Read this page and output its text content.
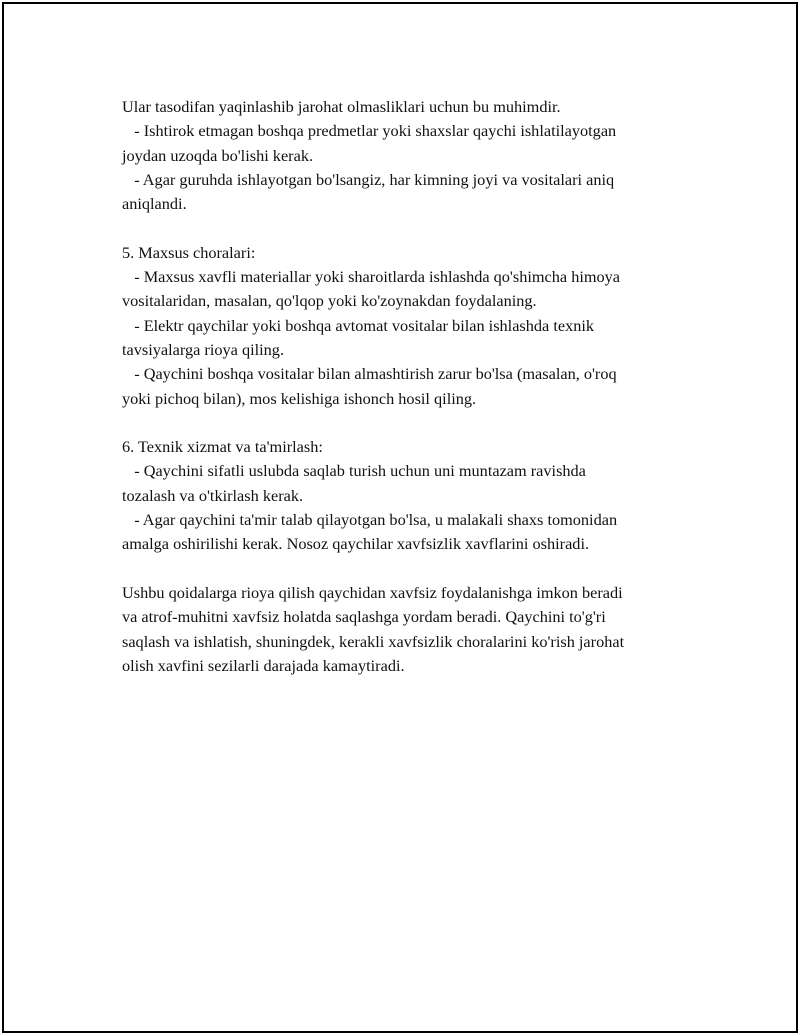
Ular tasodifan yaqinlashib jarohat olmasliklari uchun bu muhimdir.
- Ishtirok etmagan boshqa predmetlar yoki shaxslar qaychi ishlatilayotgan
joydan uzoqda bo'lishi kerak.
- Agar guruhda ishlayotgan bo'lsangiz, har kimning joyi va vositalari aniq
aniqlandi.
5. Maxsus choralari:
- Maxsus xavfli materiallar yoki sharoitlarda ishlashda qo'shimcha himoya
vositalaridan, masalan, qo'lqop yoki ko'zoynakdan foydalaning.
- Elektr qaychilar yoki boshqa avtomat vositalar bilan ishlashda texnik
tavsiyalarga rioya qiling.
- Qaychini boshqa vositalar bilan almashtirish zarur bo'lsa (masalan, o'roq
yoki pichoq bilan), mos kelishiga ishonch hosil qiling.
6. Texnik xizmat va ta'mirlash:
- Qaychini sifatli uslubda saqlab turish uchun uni muntazam ravishda
tozalash va o'tkirlash kerak.
- Agar qaychini ta'mir talab qilayotgan bo'lsa, u malakali shaxs tomonidan
amalga oshirilishi kerak. Nosoz qaychilar xavfsizlik xavflarini oshiradi.
Ushbu qoidalarga rioya qilish qaychidan xavfsiz foydalanishga imkon beradi
va atrof-muhitni xavfsiz holatda saqlashga yordam beradi. Qaychini to'g'ri
saqlash va ishlatish, shuningdek, kerakli xavfsizlik choralarini ko'rish jarohat
olish xavfini sezilarli darajada kamaytiradi.
